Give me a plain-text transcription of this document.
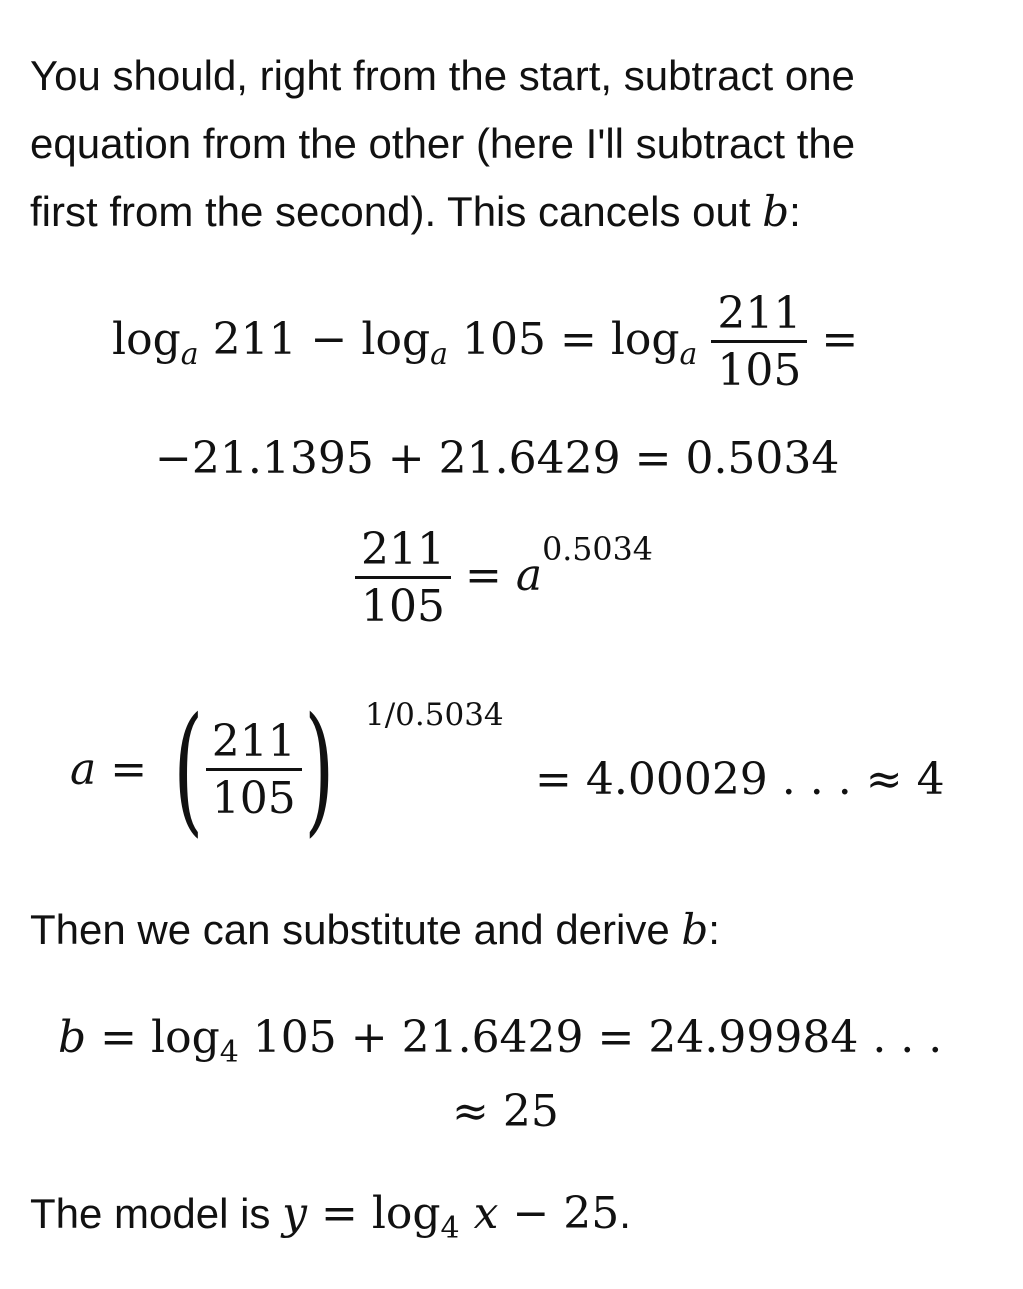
You should, right from the start, subtract one

equation from the other (here I'll subtract the

first from the second). This cancels out b:

$\log_a 211 - \log_a 105 = \log_a \frac{211}{105}$ =
−21.1395 + 21.6429 = 0.5034
$\frac{211}{105} = a^{0.5034}$
a = ( $\frac{211}{105}$ ) 1/0.5034
= 4.00029 . . . ≈ 4

Then we can substitute and derive b:

$b = \log_4 105 + 21.6429 = 24.99984$ . . .
≈ 25

The model is $y = \log_4 x - 25$.
